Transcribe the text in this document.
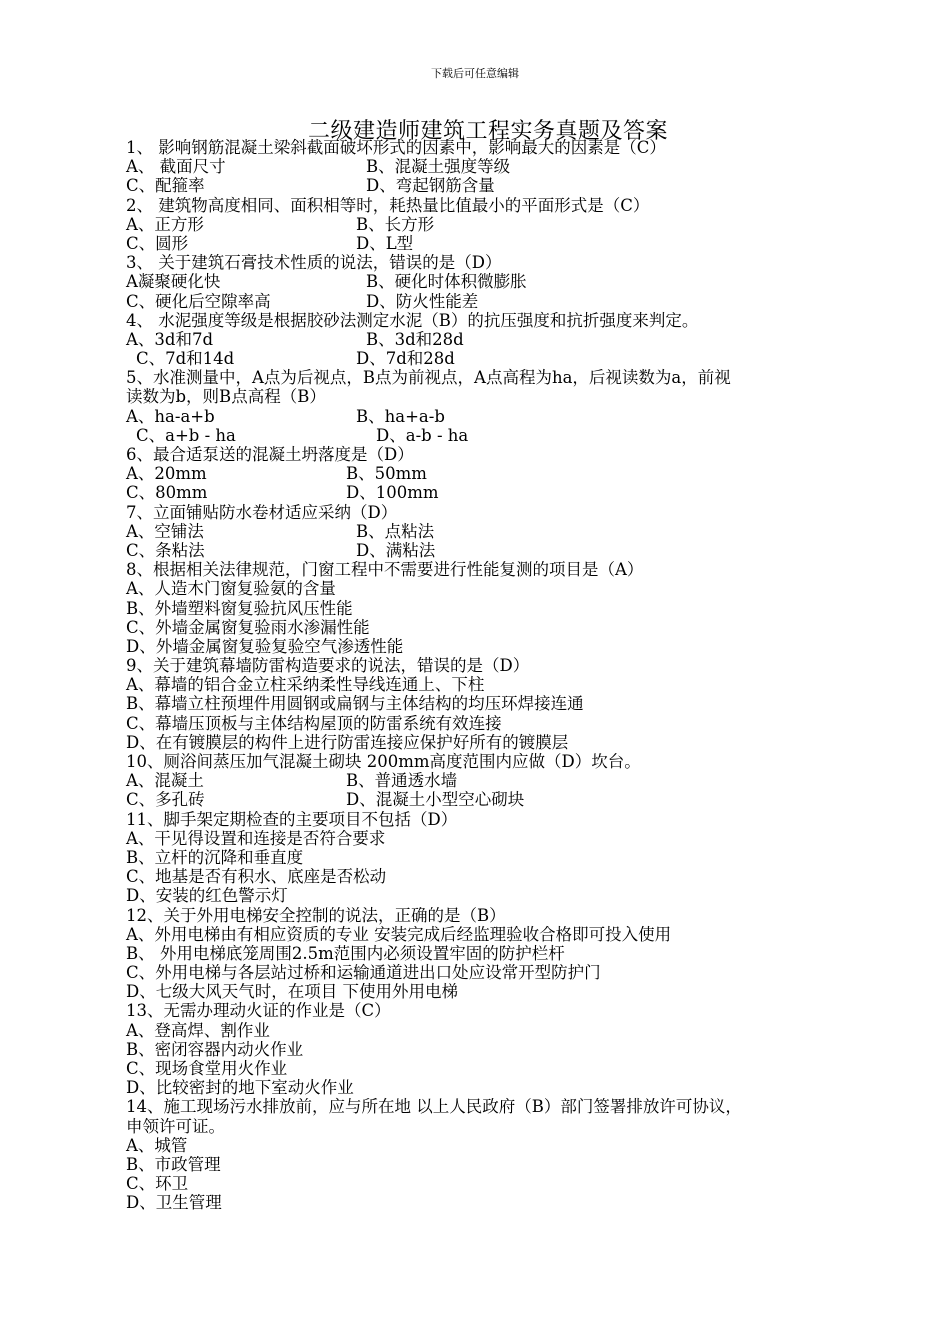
下载后可任意编辑
二级建造师建筑工程实务真题及答案
1、 影响钢筋混凝土梁斜截面破坏形式的因素中，影响最大的因素是（C）
A、 截面尺寸	B、混凝土强度等级
C、配箍率	D、弯起钢筋含量
2、 建筑物高度相同、面积相等时，耗热量比值最小的平面形式是（C）
A、正方形	B、长方形
C、圆形	D、L型
3、 关于建筑石膏技术性质的说法，错误的是（D）
A凝聚硬化快	B、硬化时体积微膨胀
C、硬化后空隙率高	D、防火性能差
4、 水泥强度等级是根据胶砂法测定水泥（B）的抗压强度和抗折强度来判定。
A、3d和7d	B、3d和28d
C、7d和14d	D、7d和28d
5、水准测量中，A点为后视点，B点为前视点，A点高程为ha，后视读数为a，前视
读数为b，则B点高程（B）
A、ha-a+b	B、ha+a-b
C、a+b - ha	D、a-b - ha
6、最合适泵送的混凝土坍落度是（D）
A、20mm	B、50mm
C、80mm	D、100mm
7、立面铺贴防水卷材适应采纳（D）
A、空铺法	B、点粘法
C、条粘法	D、满粘法
8、根据相关法律规范，门窗工程中不需要进行性能复测的项目是（A）
A、人造木门窗复验氨的含量
B、外墙塑料窗复验抗风压性能
C、外墙金属窗复验雨水渗漏性能
D、外墙金属窗复验复验空气渗透性能
9、关于建筑幕墙防雷构造要求的说法，错误的是（D）
A、幕墙的铝合金立柱采纳柔性导线连通上、下柱
B、幕墙立柱预埋件用圆钢或扁钢与主体结构的均压环焊接连通
C、幕墙压顶板与主体结构屋顶的防雷系统有效连接
D、在有镀膜层的构件上进行防雷连接应保护好所有的镀膜层
10、厕浴间蒸压加气混凝土砌块 200mm高度范围内应做（D）坎台。
A、混凝土	B、普通透水墙
C、多孔砖	D、混凝土小型空心砌块
11、脚手架定期检查的主要项目不包括（D）
A、干见得设置和连接是否符合要求
B、立杆的沉降和垂直度
C、地基是否有积水、底座是否松动
D、安装的红色警示灯
12、关于外用电梯安全控制的说法，正确的是（B）
A、外用电梯由有相应资质的专业 安装完成后经监理验收合格即可投入使用
B、 外用电梯底笼周围2.5m范围内必须设置牢固的防护栏杆
C、外用电梯与各层站过桥和运输通道进出口处应设常开型防护门
D、七级大风天气时，在项目 下使用外用电梯
13、无需办理动火证的作业是（C）
A、登高焊、割作业
B、密闭容器内动火作业
C、现场食堂用火作业
D、比较密封的地下室动火作业
14、施工现场污水排放前，应与所在地 以上人民政府（B）部门签署排放许可协议，
申领许可证。
A、城管
B、市政管理
C、环卫
D、卫生管理
